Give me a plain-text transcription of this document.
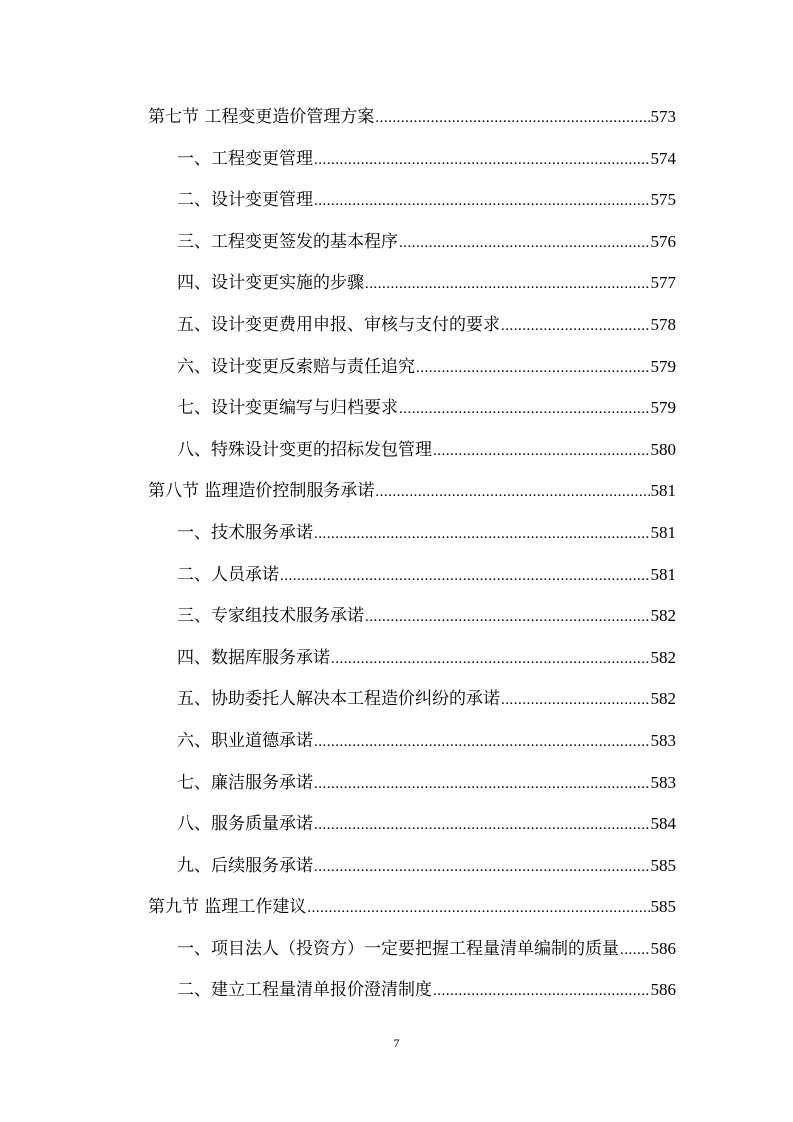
第七节 工程变更造价管理方案 .....	573
一、工程变更管理 .....	574
二、设计变更管理 .....	575
三、工程变更签发的基本程序 .....	576
四、设计变更实施的步骤 .....	577
五、设计变更费用申报、审核与支付的要求 .....	578
六、设计变更反索赔与责任追究 .....	579
七、设计变更编写与归档要求 .....	579
八、特殊设计变更的招标发包管理 .....	580
第八节 监理造价控制服务承诺 .....	581
一、技术服务承诺 .....	581
二、人员承诺 .....	581
三、专家组技术服务承诺 .....	582
四、数据库服务承诺 .....	582
五、协助委托人解决本工程造价纠纷的承诺 .....	582
六、职业道德承诺 .....	583
七、廉洁服务承诺 .....	583
八、服务质量承诺 .....	584
九、后续服务承诺 .....	585
第九节 监理工作建议 .....	585
一、项目法人（投资方）一定要把握工程量清单编制的质量 ..... 586
二、建立工程量清单报价澄清制度 .....	586
7
